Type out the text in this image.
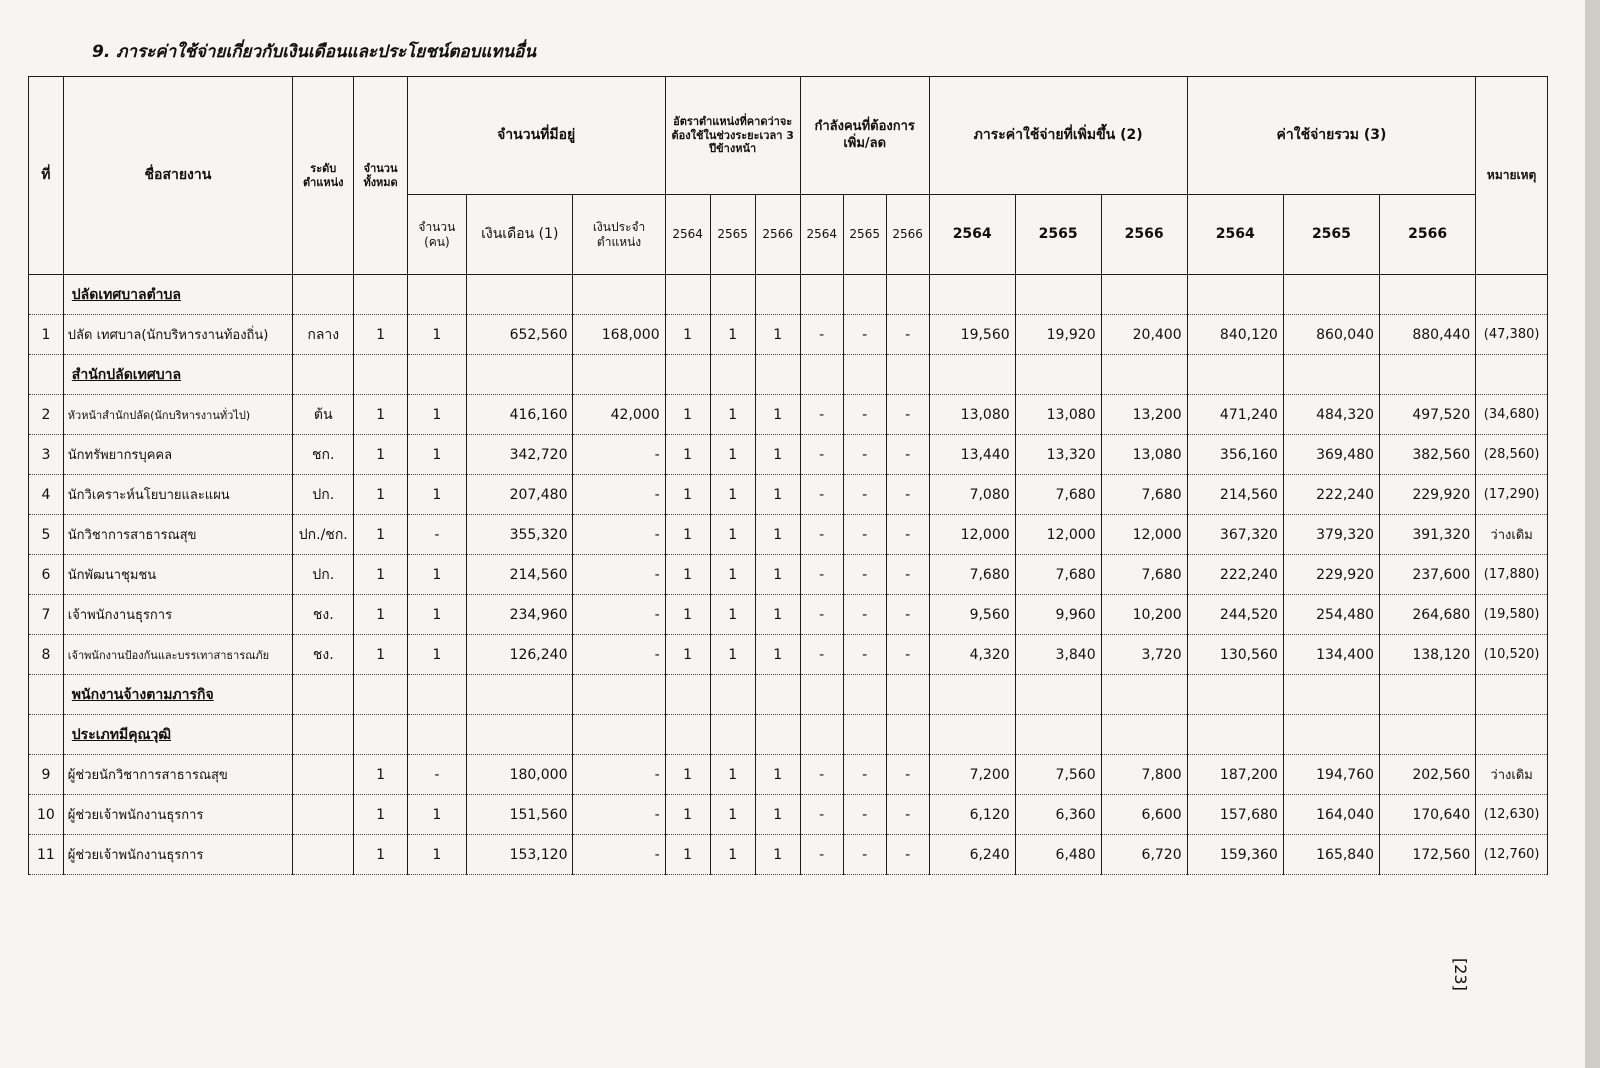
9. ภาระค่าใช้จ่ายเกี่ยวกับเงินเดือนและประโยชน์ตอบแทนอื่น
ที่	ชื่อสายงาน	ระดับตำแหน่ง	จำนวนทั้งหมด	จำนวนที่มีอยู่			อัตราตำแหน่งที่คาดว่าจะต้องใช้ในช่วงระยะเวลา 3 ปีข้างหน้า			กำลังคนที่ต้องการเพิ่ม/ลด			ภาระค่าใช้จ่ายที่เพิ่มขึ้น (2)			ค่าใช้จ่ายรวม (3)			หมายเหตุ
				จำนวน (คน)	เงินเดือน (1)	เงินประจำตำแหน่ง	2564	2565	2566	2564	2565	2566	2564	2565	2566	2564	2565	2566	
	ปลัดเทศบาลตำบล																		
1	ปลัด เทศบาล(นักบริหารงานท้องถิ่น)	กลาง	1	1	652,560	168,000	1	1	1	-	-	-	19,560	19,920	20,400	840,120	860,040	880,440	(47,380)
	สำนักปลัดเทศบาล																		
2	หัวหน้าสำนักปลัด(นักบริหารงานทั่วไป)	ต้น	1	1	416,160	42,000	1	1	1	-	-	-	13,080	13,080	13,200	471,240	484,320	497,520	(34,680)
3	นักทรัพยากรบุคคล	ชก.	1	1	342,720	-	1	1	1	-	-	-	13,440	13,320	13,080	356,160	369,480	382,560	(28,560)
4	นักวิเคราะห์นโยบายและแผน	ปก.	1	1	207,480	-	1	1	1	-	-	-	7,080	7,680	7,680	214,560	222,240	229,920	(17,290)
5	นักวิชาการสาธารณสุข	ปก./ชก.	1	-	355,320	-	1	1	1	-	-	-	12,000	12,000	12,000	367,320	379,320	391,320	ว่างเดิม
6	นักพัฒนาชุมชน	ปก.	1	1	214,560	-	1	1	1	-	-	-	7,680	7,680	7,680	222,240	229,920	237,600	(17,880)
7	เจ้าพนักงานธุรการ	ชง.	1	1	234,960	-	1	1	1	-	-	-	9,560	9,960	10,200	244,520	254,480	264,680	(19,580)
8	เจ้าพนักงานป้องกันและบรรเทาสาธารณภัย	ชง.	1	1	126,240	-	1	1	1	-	-	-	4,320	3,840	3,720	130,560	134,400	138,120	(10,520)
	พนักงานจ้างตามภารกิจ																		
	ประเภทมีคุณวุฒิ																		
9	ผู้ช่วยนักวิชาการสาธารณสุข		1	-	180,000	-	1	1	1	-	-	-	7,200	7,560	7,800	187,200	194,760	202,560	ว่างเดิม
10	ผู้ช่วยเจ้าพนักงานธุรการ		1	1	151,560	-	1	1	1	-	-	-	6,120	6,360	6,600	157,680	164,040	170,640	(12,630)
11	ผู้ช่วยเจ้าพนักงานธุรการ		1	1	153,120	-	1	1	1	-	-	-	6,240	6,480	6,720	159,360	165,840	172,560	(12,760)
[23]
